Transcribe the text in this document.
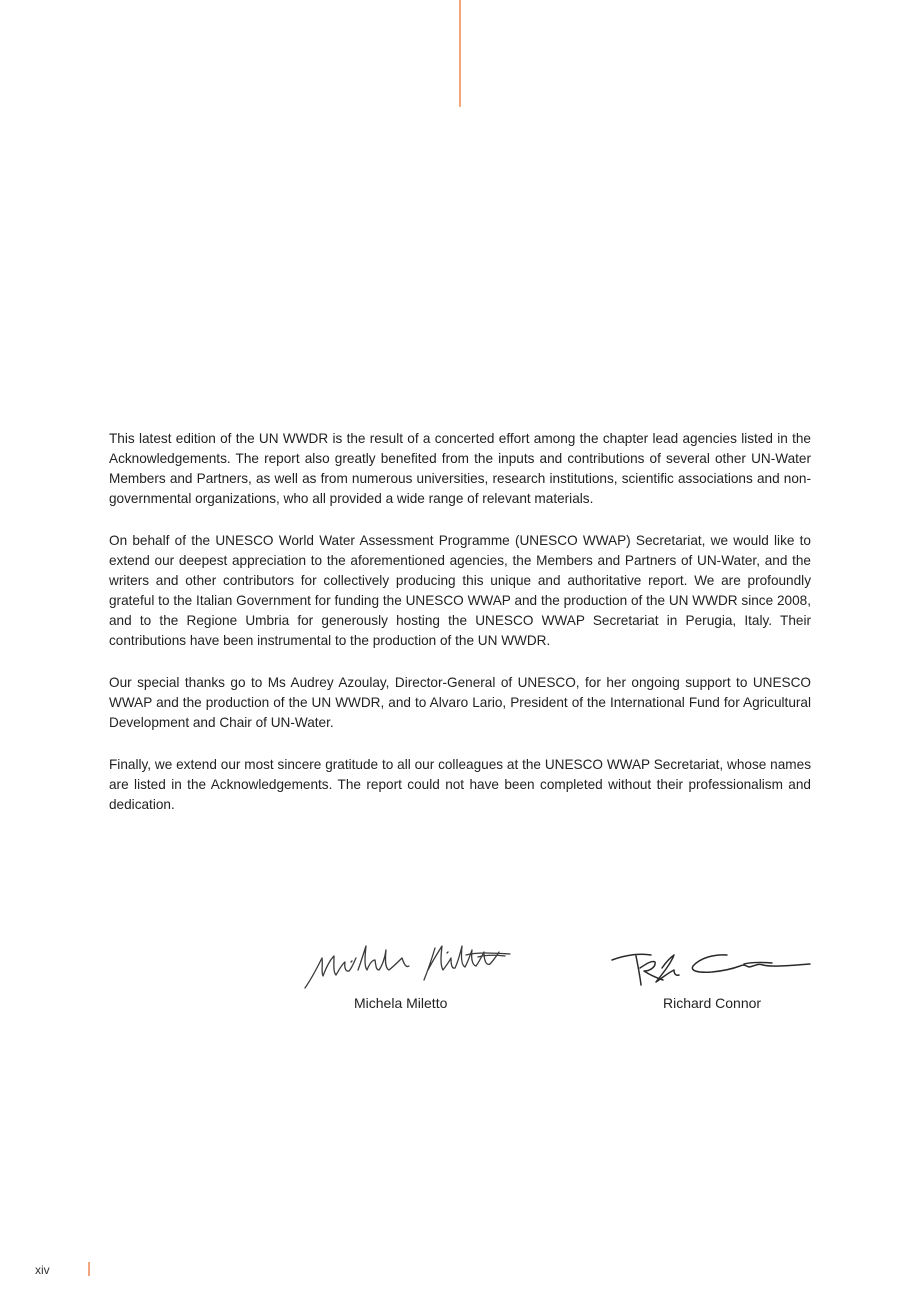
This latest edition of the UN WWDR is the result of a concerted effort among the chapter lead agencies listed in the Acknowledgements. The report also greatly benefited from the inputs and contributions of several other UN-Water Members and Partners, as well as from numerous universities, research institutions, scientific associations and non-governmental organizations, who all provided a wide range of relevant materials.

On behalf of the UNESCO World Water Assessment Programme (UNESCO WWAP) Secretariat, we would like to extend our deepest appreciation to the aforementioned agencies, the Members and Partners of UN-Water, and the writers and other contributors for collectively producing this unique and authoritative report. We are profoundly grateful to the Italian Government for funding the UNESCO WWAP and the production of the UN WWDR since 2008, and to the Regione Umbria for generously hosting the UNESCO WWAP Secretariat in Perugia, Italy. Their contributions have been instrumental to the production of the UN WWDR.

Our special thanks go to Ms Audrey Azoulay, Director-General of UNESCO, for her ongoing support to UNESCO WWAP and the production of the UN WWDR, and to Alvaro Lario, President of the International Fund for Agricultural Development and Chair of UN-Water.

Finally, we extend our most sincere gratitude to all our colleagues at the UNESCO WWAP Secretariat, whose names are listed in the Acknowledgements. The report could not have been completed without their professionalism and dedication.

Michela Miletto	Richard Connor
xiv
